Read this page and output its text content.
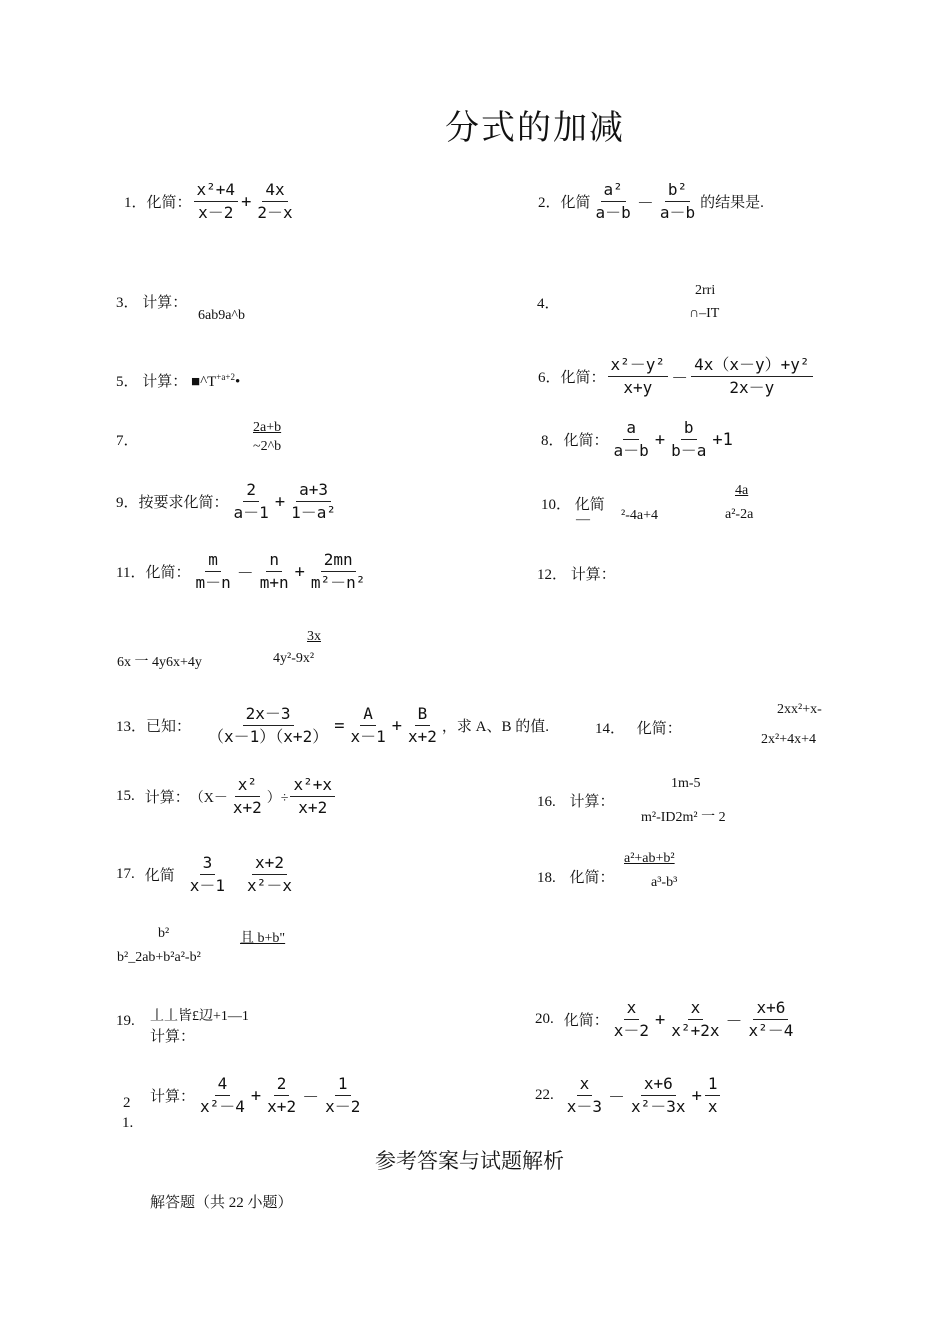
分式的加减
1． 化简： $\frac{\text{x²+4}}{x-2} + \frac{4x}{2-x}$	2． 化简 $\frac{\text{a²}}{a-b} - \frac{\text{b²}}{a-b}$ 的结果是.
3． 计算：
6ab9a^b
4．
2rri
∩–IT
5． 计算： $■\^{}T^{+a+2}•$	6． 化简： $\frac{\text{x²－y²}}{x+y} - \frac{\text{4x（x－y）+y²}}{2x-y}$
7．
2a+b
~2^b	8． 化简： $\frac{a}{a-b} + \frac{b}{b-a} +1$
9． 按要求化简： $\frac{2}{a-1} + \frac{a+3}{\text{1－a²}}$	10． 化简
— ²-4a+4
4a
a²-2a
11． 化简： $\frac{m}{m-n} - \frac{n}{m+n} + \frac{2mn}{\text{m²－n²}}$	12． 计算：
6x 一 4y6x+4y
3x
4y²-9x²
13． 已知： $\frac{2x-3}{(x-1)(x+2)} = \frac{A}{x-1} + \frac{B}{x+2}$ ，求 A、B 的值.	14． 化简：
2xx²+x-
2x²+4x+4
15. 计算： （$X- \frac{\text{x²}}{x+2}$ ）÷ $\frac{\text{x²+x}}{x+2}$	16. 计算：
1m-5
m²-ID2m² 一 2
17. 化简 $\frac{3}{x-1} \frac{x+2}{\text{x²－x}}$
b²	且 b+b"
b²_2ab+b²a²-b²
18. 化简：
a²+ab+b²
a³-b³
19. 丄丄皆£辺+1—1
计算：
20. 化简： $\frac{x}{x-2} + \frac{x}{\text{x²+2x}} - \frac{x+6}{\text{x²－4}}$
2
1.
计算： $\frac{4}{\text{x²－4}} + \frac{2}{x+2} - \frac{1}{x-2}$	22. $\frac{x}{x-3} - \frac{x+6}{\text{x²－3x}} + \frac{1}{x}$
参考答案与试题解析
解答题（共 22 小题）
